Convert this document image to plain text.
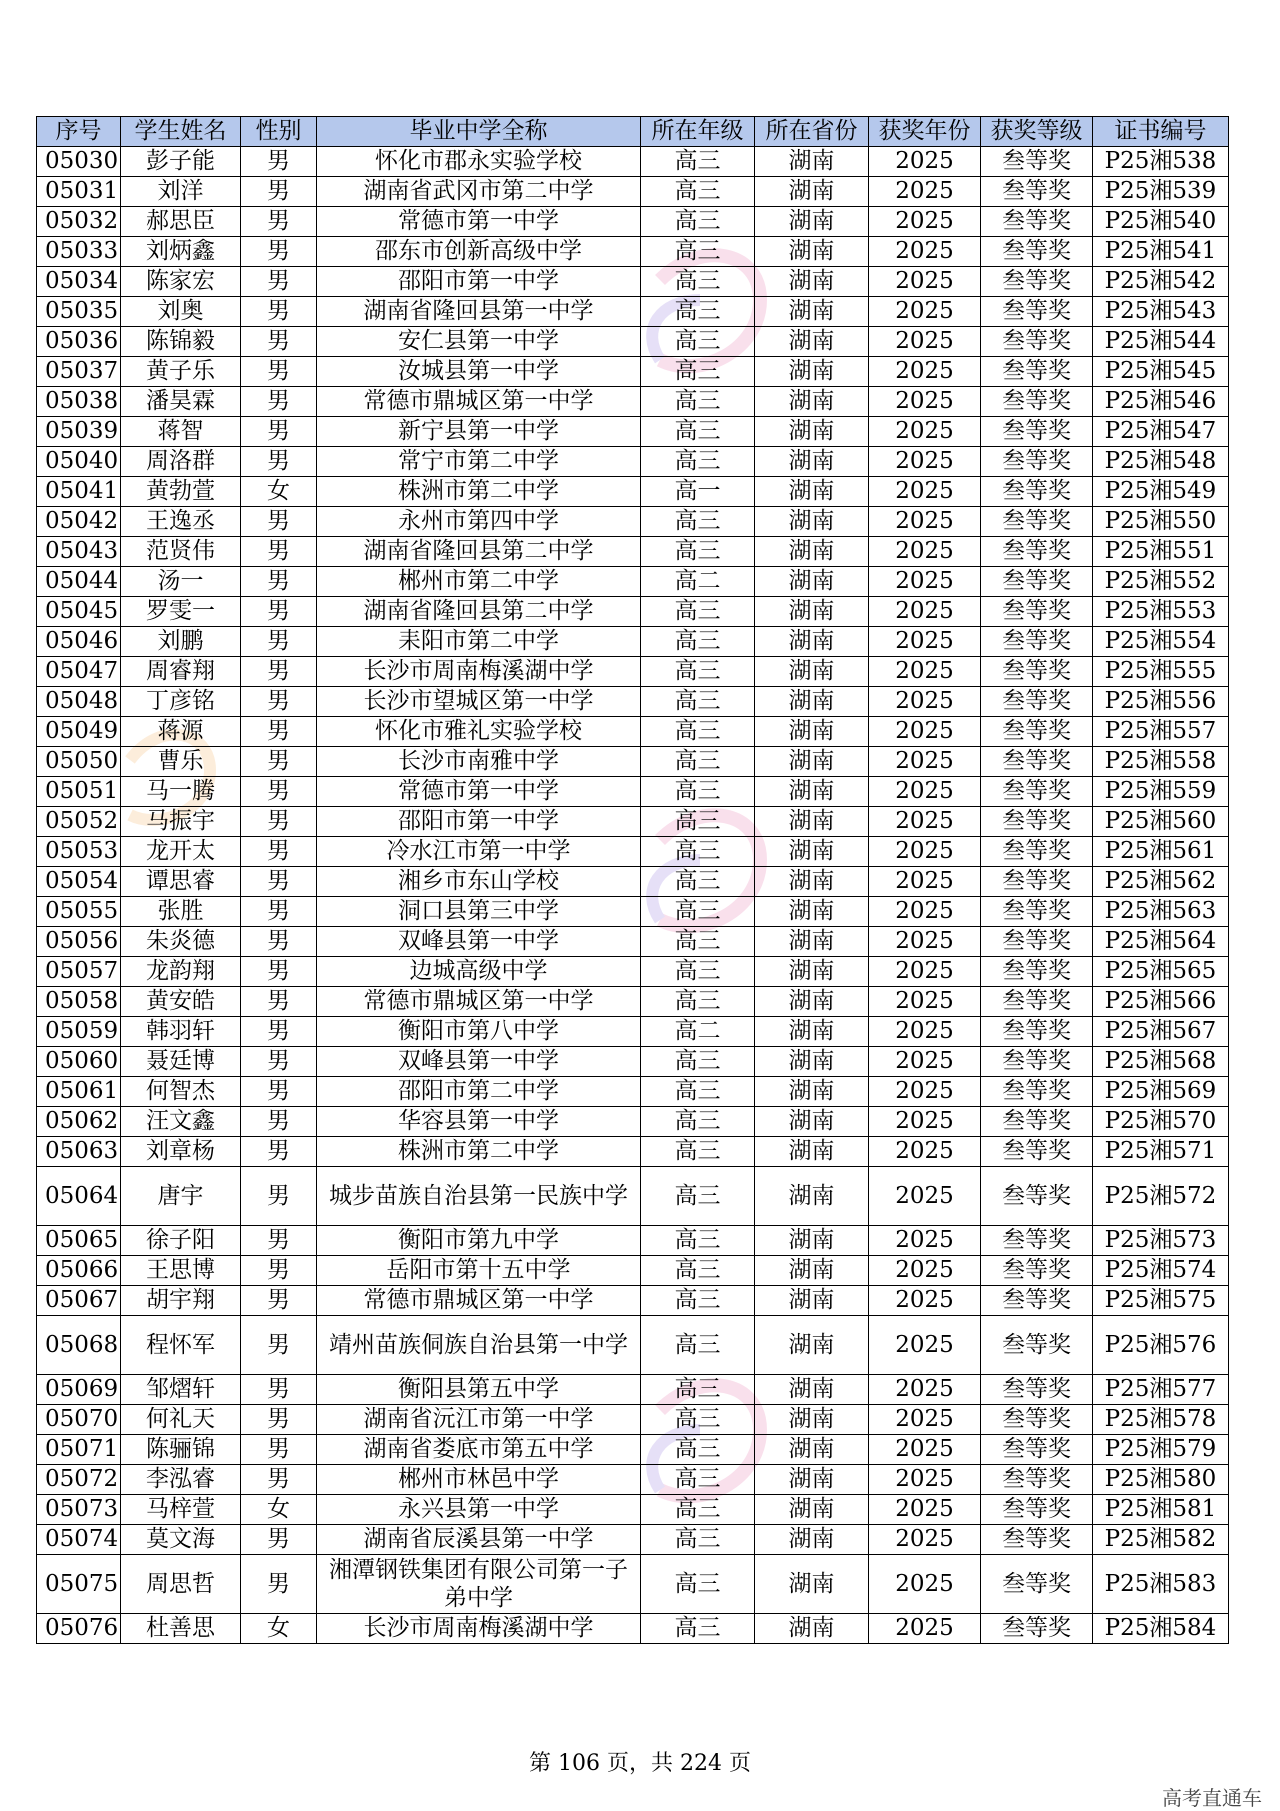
序号	学生姓名	性别	毕业中学全称	所在年级	所在省份	获奖年份	获奖等级	证书编号
05030	彭子能	男	怀化市郡永实验学校	高三	湖南	2025	叁等奖	P25湘538
05031	刘洋	男	湖南省武冈市第二中学	高三	湖南	2025	叁等奖	P25湘539
05032	郝思臣	男	常德市第一中学	高三	湖南	2025	叁等奖	P25湘540
05033	刘炳鑫	男	邵东市创新高级中学	高三	湖南	2025	叁等奖	P25湘541
05034	陈家宏	男	邵阳市第一中学	高三	湖南	2025	叁等奖	P25湘542
05035	刘奥	男	湖南省隆回县第一中学	高三	湖南	2025	叁等奖	P25湘543
05036	陈锦毅	男	安仁县第一中学	高三	湖南	2025	叁等奖	P25湘544
05037	黄子乐	男	汝城县第一中学	高三	湖南	2025	叁等奖	P25湘545
05038	潘昊霖	男	常德市鼎城区第一中学	高三	湖南	2025	叁等奖	P25湘546
05039	蒋智	男	新宁县第一中学	高三	湖南	2025	叁等奖	P25湘547
05040	周洛群	男	常宁市第二中学	高三	湖南	2025	叁等奖	P25湘548
05041	黄勃萱	女	株洲市第二中学	高一	湖南	2025	叁等奖	P25湘549
05042	王逸丞	男	永州市第四中学	高三	湖南	2025	叁等奖	P25湘550
05043	范贤伟	男	湖南省隆回县第二中学	高三	湖南	2025	叁等奖	P25湘551
05044	汤一	男	郴州市第二中学	高二	湖南	2025	叁等奖	P25湘552
05045	罗雯一	男	湖南省隆回县第二中学	高三	湖南	2025	叁等奖	P25湘553
05046	刘鹏	男	耒阳市第二中学	高三	湖南	2025	叁等奖	P25湘554
05047	周睿翔	男	长沙市周南梅溪湖中学	高三	湖南	2025	叁等奖	P25湘555
05048	丁彦铭	男	长沙市望城区第一中学	高三	湖南	2025	叁等奖	P25湘556
05049	蒋源	男	怀化市雅礼实验学校	高三	湖南	2025	叁等奖	P25湘557
05050	曹乐	男	长沙市南雅中学	高三	湖南	2025	叁等奖	P25湘558
05051	马一腾	男	常德市第一中学	高三	湖南	2025	叁等奖	P25湘559
05052	马振宇	男	邵阳市第一中学	高三	湖南	2025	叁等奖	P25湘560
05053	龙开太	男	冷水江市第一中学	高三	湖南	2025	叁等奖	P25湘561
05054	谭思睿	男	湘乡市东山学校	高三	湖南	2025	叁等奖	P25湘562
05055	张胜	男	洞口县第三中学	高三	湖南	2025	叁等奖	P25湘563
05056	朱炎德	男	双峰县第一中学	高三	湖南	2025	叁等奖	P25湘564
05057	龙韵翔	男	边城高级中学	高三	湖南	2025	叁等奖	P25湘565
05058	黄安皓	男	常德市鼎城区第一中学	高三	湖南	2025	叁等奖	P25湘566
05059	韩羽轩	男	衡阳市第八中学	高二	湖南	2025	叁等奖	P25湘567
05060	聂廷博	男	双峰县第一中学	高三	湖南	2025	叁等奖	P25湘568
05061	何智杰	男	邵阳市第二中学	高三	湖南	2025	叁等奖	P25湘569
05062	汪文鑫	男	华容县第一中学	高三	湖南	2025	叁等奖	P25湘570
05063	刘章杨	男	株洲市第二中学	高三	湖南	2025	叁等奖	P25湘571
05064	唐宇	男	城步苗族自治县第一民族中学	高三	湖南	2025	叁等奖	P25湘572
05065	徐子阳	男	衡阳市第九中学	高三	湖南	2025	叁等奖	P25湘573
05066	王思博	男	岳阳市第十五中学	高三	湖南	2025	叁等奖	P25湘574
05067	胡宇翔	男	常德市鼎城区第一中学	高三	湖南	2025	叁等奖	P25湘575
05068	程怀军	男	靖州苗族侗族自治县第一中学	高三	湖南	2025	叁等奖	P25湘576
05069	邹熠轩	男	衡阳县第五中学	高三	湖南	2025	叁等奖	P25湘577
05070	何礼天	男	湖南省沅江市第一中学	高三	湖南	2025	叁等奖	P25湘578
05071	陈骊锦	男	湖南省娄底市第五中学	高三	湖南	2025	叁等奖	P25湘579
05072	李泓睿	男	郴州市林邑中学	高三	湖南	2025	叁等奖	P25湘580
05073	马梓萱	女	永兴县第一中学	高三	湖南	2025	叁等奖	P25湘581
05074	莫文海	男	湖南省辰溪县第一中学	高三	湖南	2025	叁等奖	P25湘582
05075	周思哲	男	湘潭钢铁集团有限公司第一子弟中学	高三	湖南	2025	叁等奖	P25湘583
05076	杜善思	女	长沙市周南梅溪湖中学	高三	湖南	2025	叁等奖	P25湘584
第 106 页，共 224 页
高考直通车
